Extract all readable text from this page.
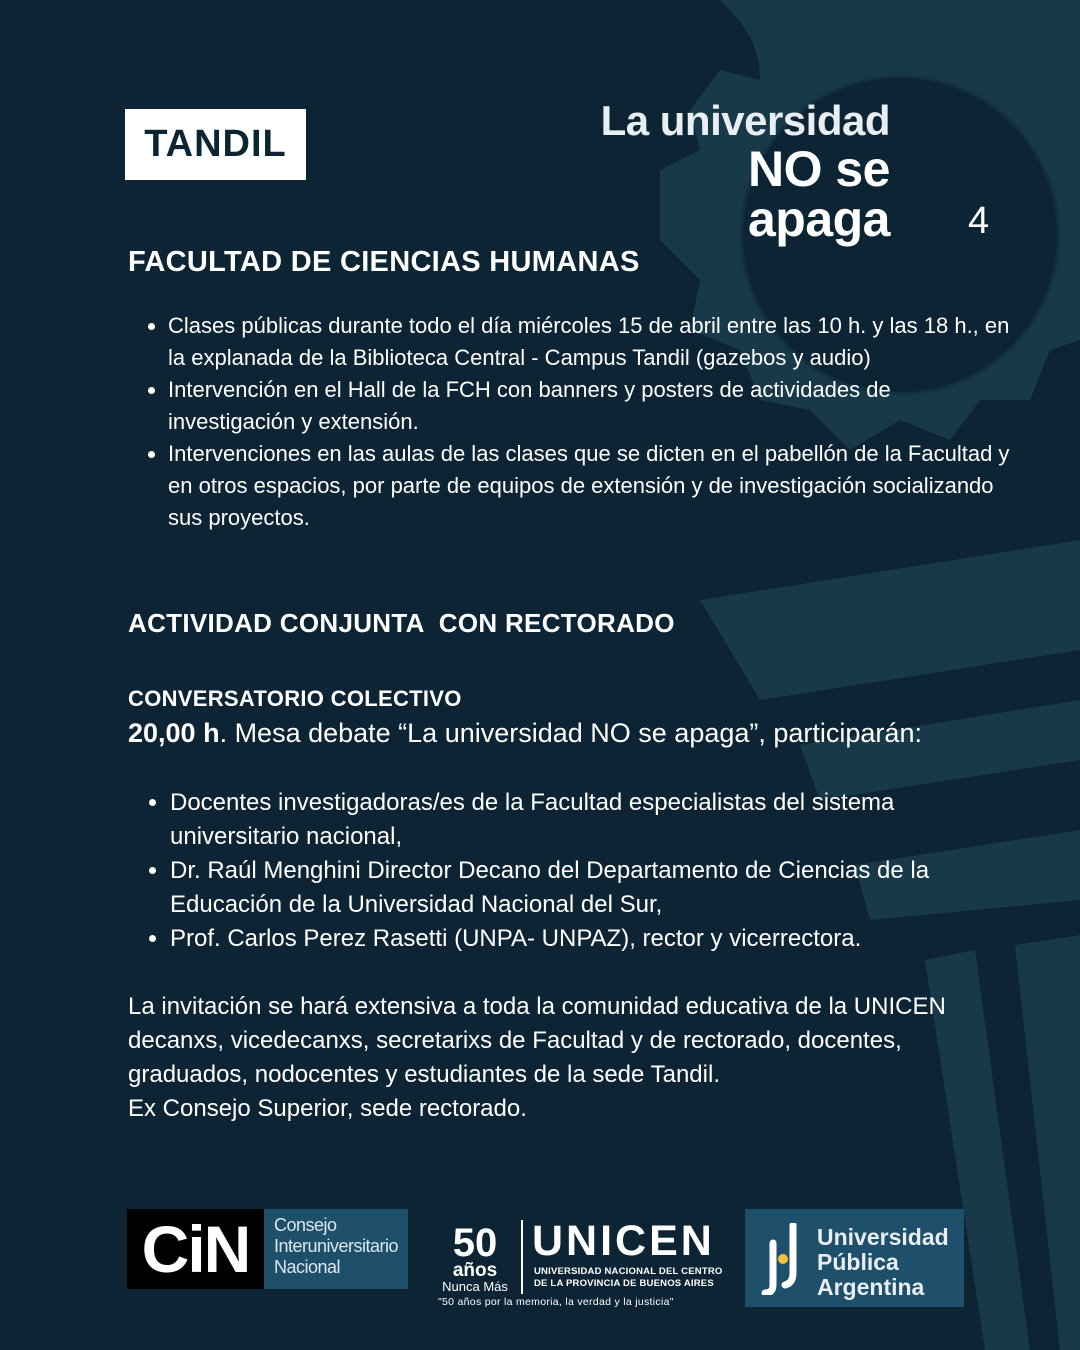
TANDIL	La universidad
NO se apaga 4
FACULTAD DE CIENCIAS HUMANAS
• Clases públicas durante todo el día miércoles 15 de abril entre las 10 h. y las 18 h., en la explanada de la Biblioteca Central - Campus Tandil (gazebos y audio)
• Intervención en el Hall de la FCH con banners y posters de actividades de investigación y extensión.
• Intervenciones en las aulas de las clases que se dicten en el pabellón de la Facultad y en otros espacios, por parte de equipos de extensión y de investigación socializando sus proyectos.
ACTIVIDAD CONJUNTA  CON RECTORADO
CONVERSATORIO COLECTIVO
20,00 h. Mesa debate “La universidad NO se apaga”, participarán:
• Docentes investigadoras/es de la Facultad especialistas del sistema universitario nacional,
• Dr. Raúl Menghini Director Decano del Departamento de Ciencias de la Educación de la Universidad Nacional del Sur,
• Prof. Carlos Perez Rasetti (UNPA- UNPAZ), rector y vicerrectora.

La invitación se hará extensiva a toda la comunidad educativa de la UNICEN decanxs, vicedecanxs, secretarixs de Facultad y de rectorado, docentes, graduados, nodocentes y estudiantes de la sede Tandil.

Ex Consejo Superior, sede rectorado.

CiN	Consejo
Interuniversitario
Nacional
50
años
Nunca Más
UNICEN
UNIVERSIDAD NACIONAL DEL CENTRO
DE LA PROVINCIA DE BUENOS AIRES
"50 años por la memoria, la verdad y la justicia"
Universidad
Pública
Argentina
